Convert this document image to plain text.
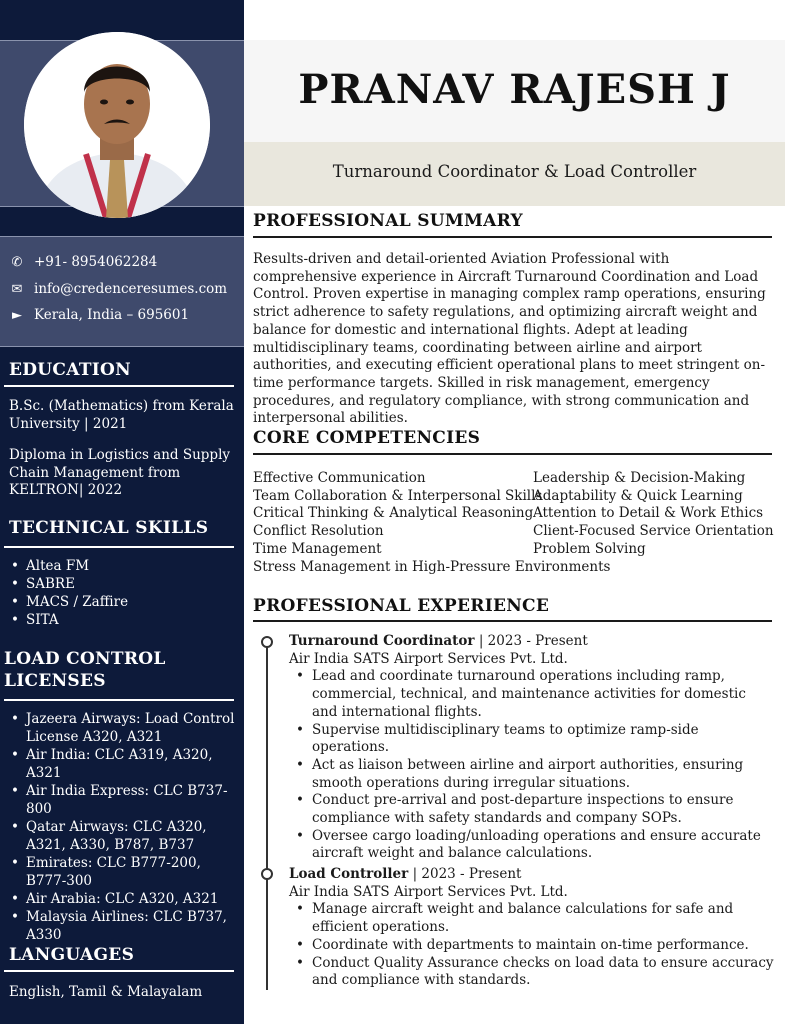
✆ +91- 8954062284
✉ info@credenceresumes.com
► Kerala, India – 695601
EDUCATION
B.Sc. (Mathematics) from Kerala University | 2021
Diploma in Logistics and Supply Chain Management from KELTRON| 2022
TECHNICAL SKILLS
• Altea FM
• SABRE
• MACS / Zaffire
• SITA
LOAD CONTROL LICENSES
• Jazeera Airways: Load Control License A320, A321
• Air India: CLC A319, A320, A321
• Air India Express: CLC B737-800
• Qatar Airways: CLC A320, A321, A330, B787, B737
• Emirates: CLC B777-200, B777-300
• Air Arabia: CLC A320, A321
• Malaysia Airlines: CLC B737, A330
LANGUAGES
English, Tamil & Malayalam
PRANAV RAJESH J
Turnaround Coordinator & Load Controller
PROFESSIONAL SUMMARY

Results-driven and detail-oriented Aviation Professional with comprehensive experience in Aircraft Turnaround Coordination and Load Control. Proven expertise in managing complex ramp operations, ensuring strict adherence to safety regulations, and optimizing aircraft weight and balance for domestic and international flights. Adept at leading multidisciplinary teams, coordinating between airline and airport authorities, and executing efficient operational plans to meet stringent on-time performance targets. Skilled in risk management, emergency procedures, and regulatory compliance, with strong communication and interpersonal abilities.

CORE COMPETENCIES
Effective Communication
Team Collaboration & Interpersonal Skills
Critical Thinking & Analytical Reasoning
Conflict Resolution
Time Management
Stress Management in High-Pressure Environments
Leadership & Decision-Making
Adaptability & Quick Learning
Attention to Detail & Work Ethics
Client-Focused Service Orientation
Problem Solving
PROFESSIONAL EXPERIENCE
Turnaround Coordinator | 2023 - Present
Air India SATS Airport Services Pvt. Ltd.
• Lead and coordinate turnaround operations including ramp, commercial, technical, and maintenance activities for domestic and international flights.
• Supervise multidisciplinary teams to optimize ramp-side operations.
• Act as liaison between airline and airport authorities, ensuring smooth operations during irregular situations.
• Conduct pre-arrival and post-departure inspections to ensure compliance with safety standards and company SOPs.
• Oversee cargo loading/unloading operations and ensure accurate aircraft weight and balance calculations.
Load Controller | 2023 - Present
Air India SATS Airport Services Pvt. Ltd.
• Manage aircraft weight and balance calculations for safe and efficient operations.
• Coordinate with departments to maintain on-time performance.
• Conduct Quality Assurance checks on load data to ensure accuracy and compliance with standards.
